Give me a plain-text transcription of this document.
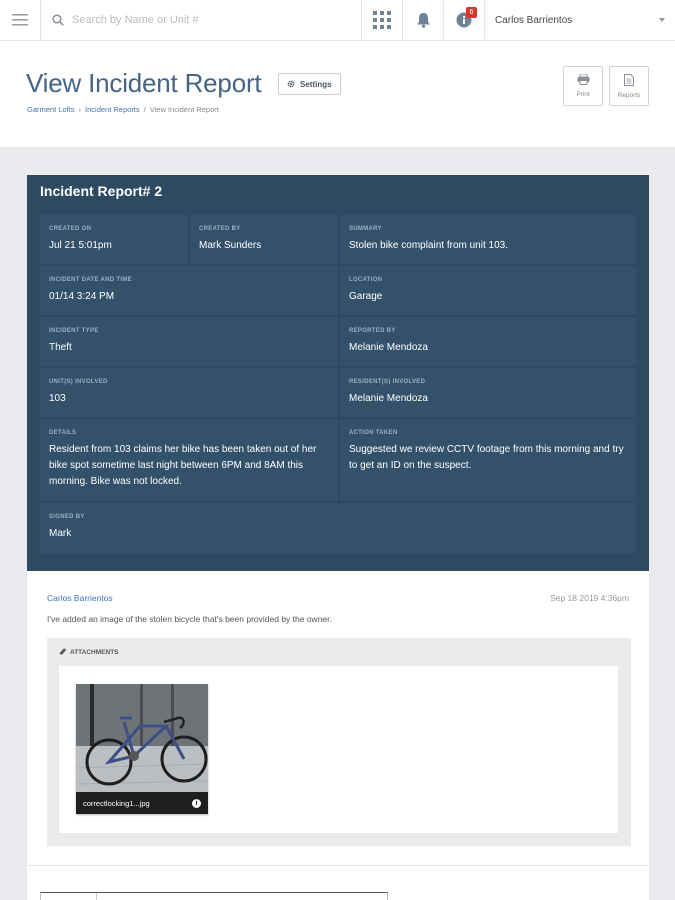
Search by Name or Unit #
6
Carlos Barrientos
View Incident Report	Settings
Garment Lofts › Incident Reports / View Incident Report
Print	Reports
Incident Report# 2
CREATED ON
Jul 21 5:01pm
CREATED BY
Mark Sunders
SUMMARY
Stolen bike complaint from unit 103.
INCIDENT DATE AND TIME
01/14 3:24 PM
LOCATION
Garage
INCIDENT TYPE
Theft
REPORTED BY
Melanie Mendoza
UNIT(S) INVOLVED
103
RESIDENT(S) INVOLVED
Melanie Mendoza
DETAILS
Resident from 103 claims her bike has been taken out of her bike spot sometime last night between 6PM and 8AM this morning. Bike was not locked.
ACTION TAKEN
Suggested we review CCTV footage from this morning and try to get an ID on the suspect.
SIGNED BY
Mark
Carlos Barrientos	Sep 18 2019 4:36pm
I've added an image of the stolen bicycle that's been provided by the owner.
ATTACHMENTS
correctlocking1...jpg	i
